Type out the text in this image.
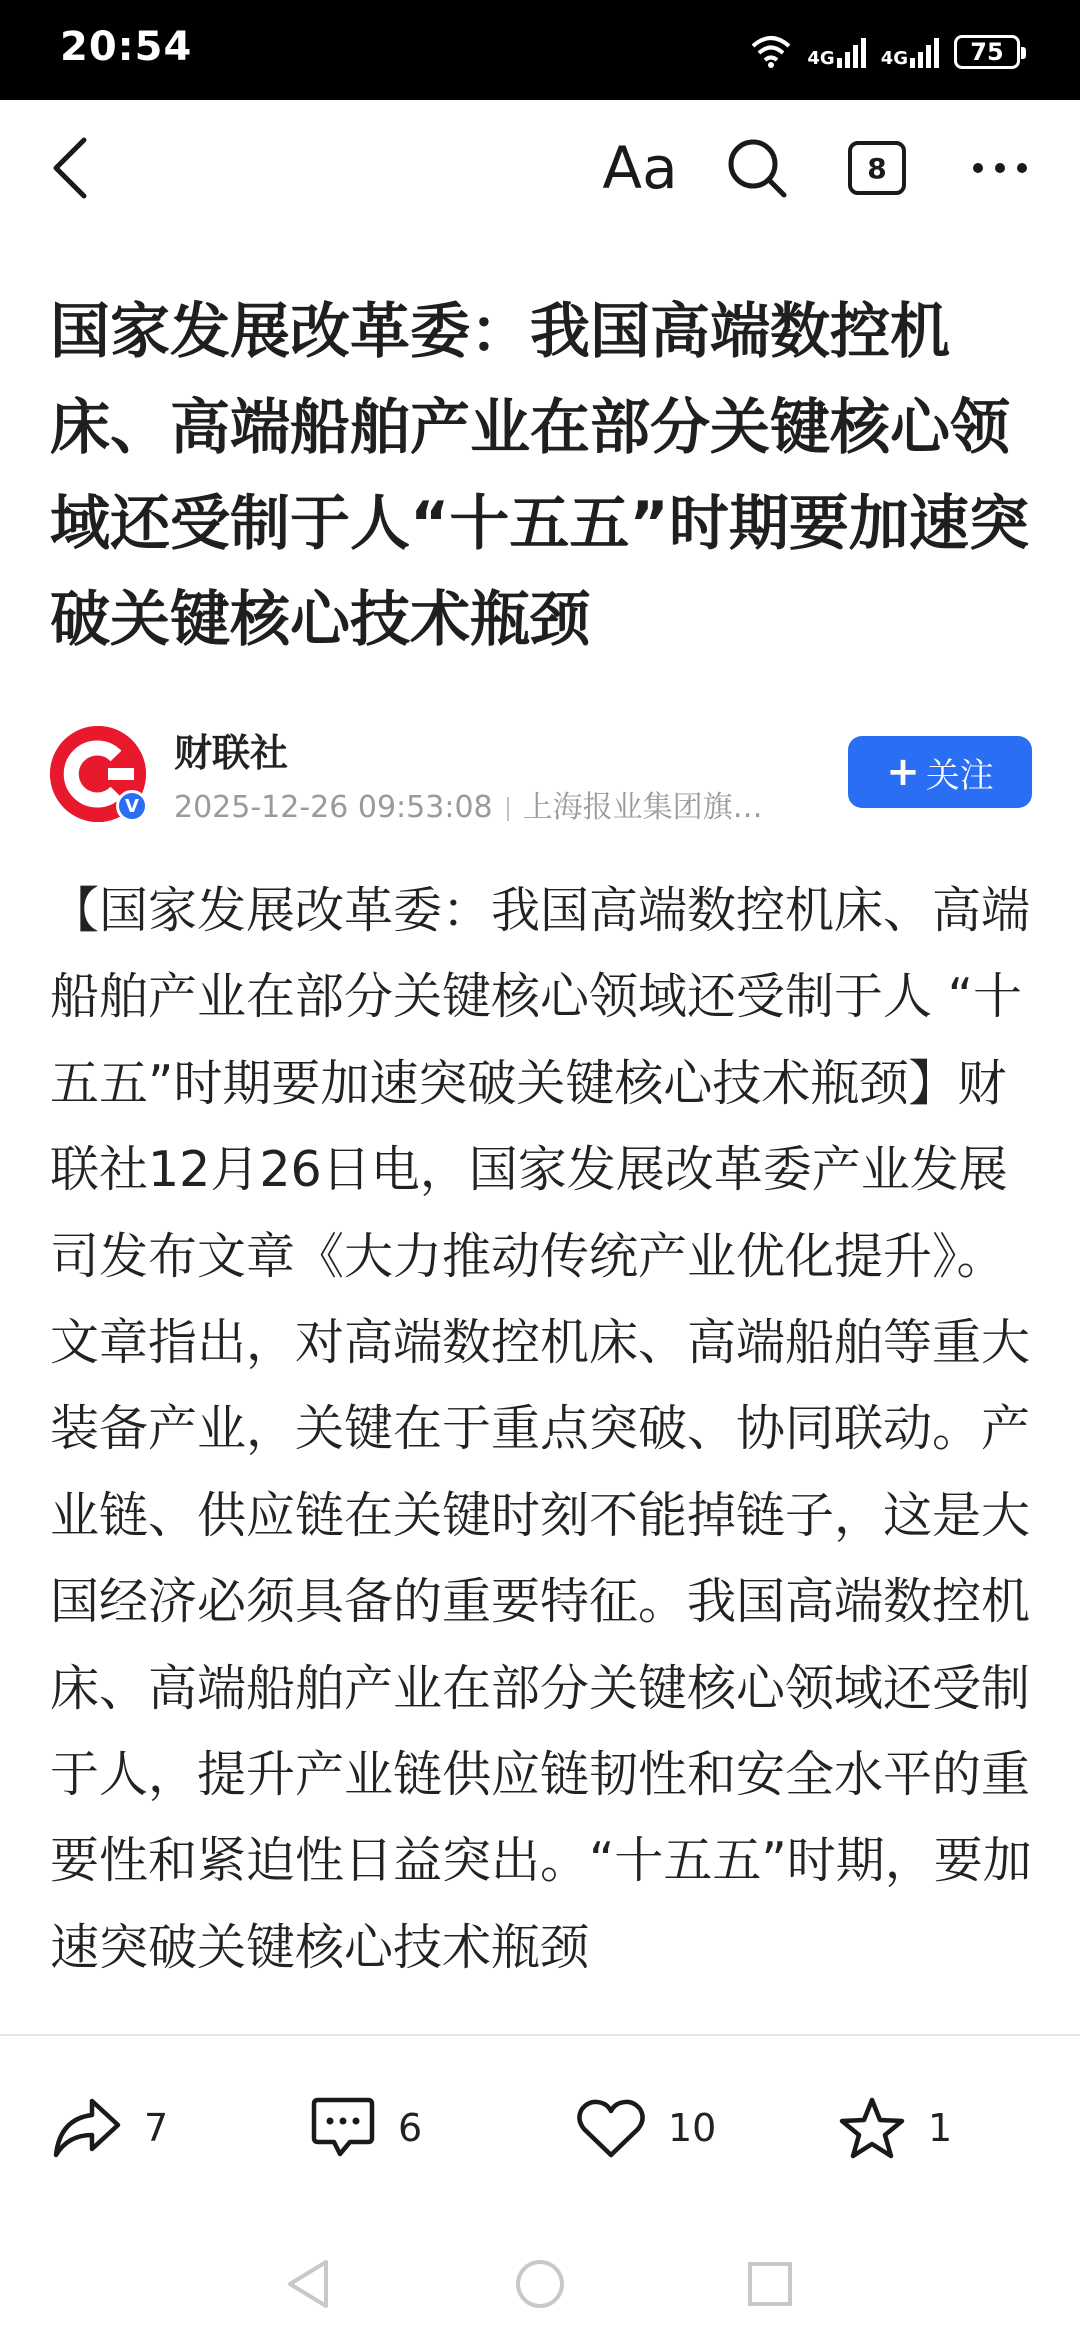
20:54	4G	4G	75
Aa	8
国家发展改革委：我国高端数控机床、高端船舶产业在部分关键核心领域还受制于人“十五五”时期要加速突破关键核心技术瓶颈
V
财联社
2025-12-26 09:53:08 上海报业集团旗…
+ 关注

【国家发展改革委：我国高端数控机床、高端船舶产业在部分关键核心领域还受制于人 “十五五”时期要加速突破关键核心技术瓶颈】财联社12月26日电，国家发展改革委产业发展司发布文章《大力推动传统产业优化提升》。文章指出，对高端数控机床、高端船舶等重大装备产业，关键在于重点突破、协同联动。产业链、供应链在关键时刻不能掉链子，这是大国经济必须具备的重要特征。我国高端数控机床、高端船舶产业在部分关键核心领域还受制于人，提升产业链供应链韧性和安全水平的重要性和紧迫性日益突出。“十五五”时期，要加速突破关键核心技术瓶颈

7	6	10	1
